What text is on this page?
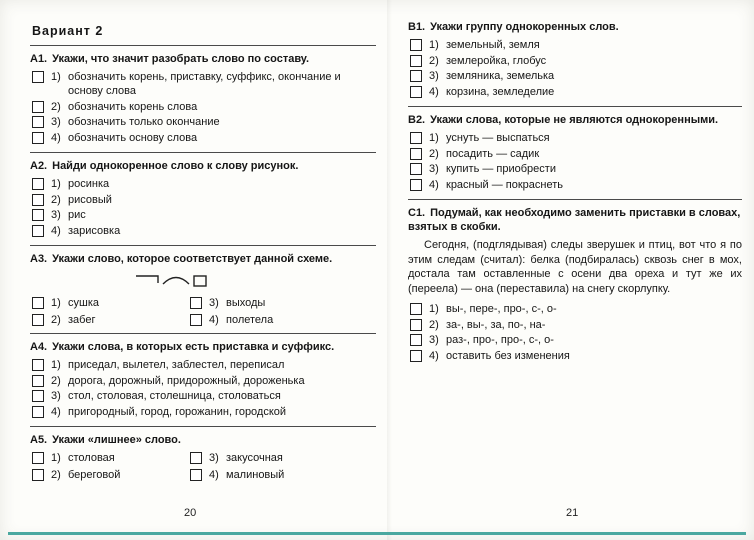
Вариант 2
А1. Укажи, что значит разобрать слово по составу.
1) обозначить корень, приставку, суффикс, окончание и основу слова
2) обозначить корень слова
3) обозначить только окончание
4) обозначить основу слова
А2. Найди однокоренное слово к слову рисунок.
1) росинка
2) рисовый
3) рис
4) зарисовка
А3. Укажи слово, которое соответствует данной схеме.
1) сушка
2) забег
3) выходы
4) полетела
А4. Укажи слова, в которых есть приставка и суффикс.
1) приседал, вылетел, заблестел, переписал
2) дорога, дорожный, придорожный, дороженька
3) стол, столовая, столешница, столоваться
4) пригородный, город, горожанин, городской
А5. Укажи «лишнее» слово.
1) столовая
2) береговой
3) закусочная
4) малиновый
В1. Укажи группу однокоренных слов.
1) земельный, земля
2) землеройка, глобус
3) земляника, земелька
4) корзина, земледелие
В2. Укажи слова, которые не являются однокоренными.
1) уснуть — выспаться
2) посадить — садик
3) купить — приобрести
4) красный — покраснеть
С1. Подумай, как необходимо заменить приставки в словах, взятых в скобки.
Сегодня, (подглядывая) следы зверушек и птиц, вот что я по этим следам (считал): белка (подбиралась) сквозь снег в мох, достала там оставленные с осени два ореха и тут же их (переела) — она (переставила) на снегу скорлупку.
1) вы-, пере-, про-, с-, о-
2) за-, вы-, за, по-, на-
3) раз-, про-, про-, с-, о-
4) оставить без изменения
20	21
